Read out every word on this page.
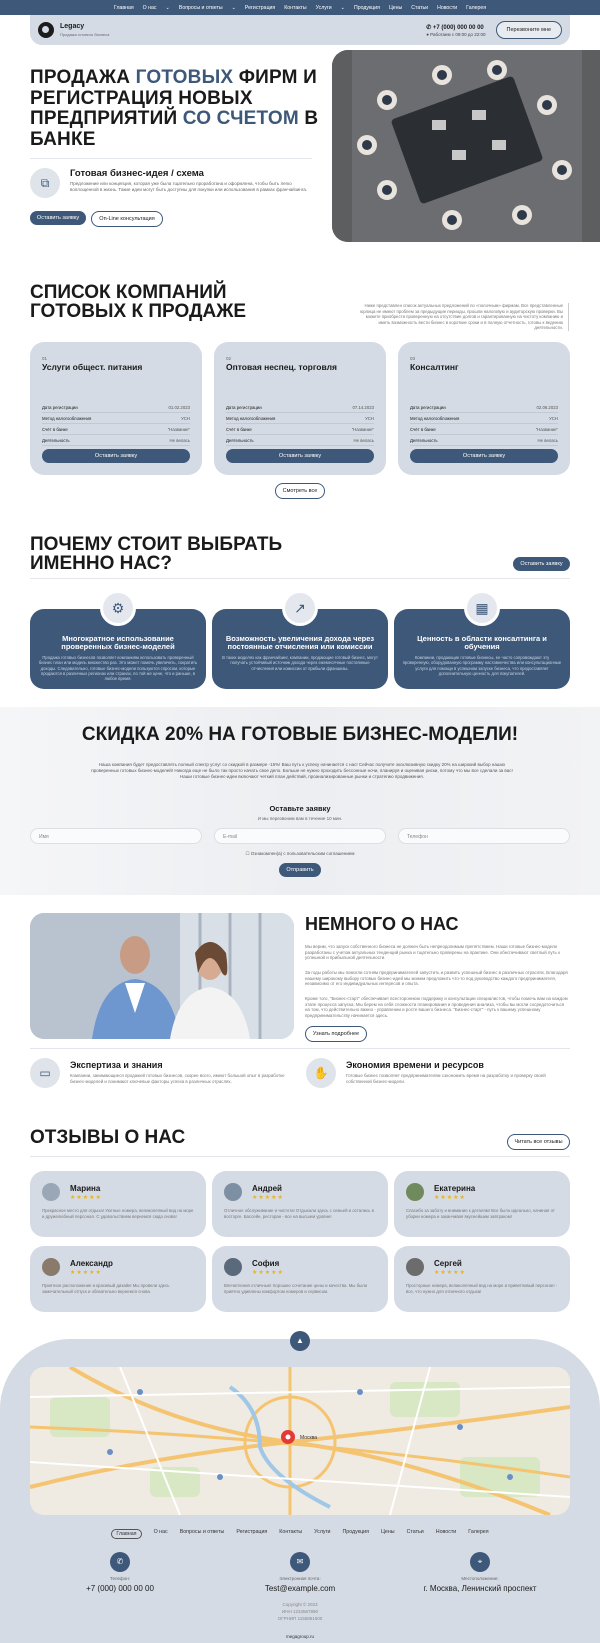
Главная О нас ⌄ Вопросы и ответы ⌄ Регистрация Контакты Услуги ⌄ Продукция Цены Статьи Новости Галерея
Legacy
Продажа готового бизнеса
✆ +7 (000) 000 00 00
● Работаем с 09:00 до 22:00
Перезвоните мне
ПРОДАЖА ГОТОВЫХ ФИРМ И РЕГИСТРАЦИЯ НОВЫХ ПРЕДПРИЯТИЙ СО СЧЕТОМ В БАНКЕ
⧉
Готовая бизнес-идея / схема
Предложение или концепция, которая уже была тщательно проработана и оформлена, чтобы быть легко воплощенной в жизнь. Такие идеи могут быть доступны для покупки или использования в рамках франчайзинга.
Оставить заявку	On-Line консультация
СПИСОК КОМПАНИЙ ГОТОВЫХ К ПРОДАЖЕ	Ниже представлен список актуальных предложений по «полочным» фирмам. Все представленные юрлица не имеют проблем за предыдущие периоды, прошли налоговую и аудиторскую проверки. Вы можете приобрести проверенную на отсутствие долгов и гарантированную на чистоту компанию и иметь возможность вести бизнес в короткие сроки и в полную отчетность, готовы к ведению деятельности.
01
Услуги общест. питания
Дата регистрации	01.02.2023
Метод налогообложения	УСН
Счёт в банке	"Название"
Деятельность	Не велась
Оставить заявку
02
Оптовая неспец. торговля
Дата регистрации	07.14.2023
Метод налогообложения	УСН
Счёт в банке	"Название"
Деятельность	Не велась
Оставить заявку
03
Консалтинг
Дата регистрации	02.06.2023
Метод налогообложения	УСН
Счёт в банке	"Название"
Деятельность	Не велась
Оставить заявку
Смотреть все
ПОЧЕМУ СТОИТ ВЫБРАТЬ ИМЕННО НАС?	Оставить заявку
Многократное использование проверенных бизнес-моделей
Продажа готовых бизнесов позволяет компаниям использовать проверенный бизнес план или модель множество раз. Это может помочь увеличить, сократить доходы. Следовательно, готовые бизнес-модели пользуются спросом, которые продаются в различных регионах или странах, по той же цене, что и раньше, в любое время.
Возможность увеличения дохода через постоянные отчисления или комиссии
В таких моделях как франчайзинг, компании, продающие готовый бизнес, могут получать устойчивый источник дохода через ежемесячные постоянные отчисления или комиссии от прибыли франшизы.
Ценность в области консалтинга и обучения
Компании, продающие готовые бизнесы, ее часто сопровождают эту проверенную, оборудованную программу наставничества или консультационные услуги для помощи в успешном запуске бизнеса, что предоставляет дополнительную ценность для покупателей.
⚙	↗	▦
СКИДКА 20% НА ГОТОВЫЕ БИЗНЕС-МОДЕЛИ!
Наша компания будет предоставлять полный спектр услуг со скидкой в размере -15%! Ваш путь к успеху начинается с нас! Сейчас получите эксклюзивную скидку 20% на широкий выбор наших проверенных готовых бизнес-моделей! Никогда еще не было так просто начать свое дело. Больше не нужно проходить бессонные ночи, планируя и оценивая риски, потому что мы все сделали за вас! Наши готовые бизнес-идеи включают четкий план действий, проанализированные рынки и стратегию продвижения.
Оставьте заявку
И мы перезвоним вам в течение 10 мин.
Имя	E-mail	Телефон
☐ Ознакомлен(а) с пользовательским соглашением
Отправить
НЕМНОГО О НАС
Мы верим, что запуск собственного бизнеса не должен быть непреодолимым препятствием. Наши готовые бизнес-модели разработаны с учетом актуальных тенденций рынка и тщательно проверены на практике. Они обеспечивают светлый путь к успешной и прибыльной деятельности.
За годы работы мы помогли сотням предпринимателей запустить и развить успешный бизнес в различных отраслях. Благодаря нашему широкому выбору готовых бизнес-идей мы можем предложить что-то под руководство каждого предпринимателя, независимо от его индивидуальных интересов и опыта.
Кроме того, "Бизнес-старт" обеспечивает всестороннюю поддержку и консультации специалистов, чтобы помочь вам на каждом этапе процесса запуска. Мы берем на себя сложности планирования и проведения анализа, чтобы вы могли сосредоточиться на том, что действительно важно - управлении и росте вашего бизнеса. "Бизнес-старт" - путь к вашему успешному предпринимательству начинается здесь.
Узнать подробнее
▭
Экспертиза и знания
Компании, занимающиеся продажей готовых бизнесов, скорее всего, имеют большой опыт в разработке бизнес-моделей и понимают ключевые факторы успеха в различных отраслях.
✋
Экономия времени и ресурсов
Готовые бизнес позволяет предпринимателям сэкономить время на разработку и проверку своей собственной бизнес-модели.
ОТЗЫВЫ О НАС	Читать все отзывы
Марина
★★★★★
Прекрасное место для отдыха! Уютные номера, великолепный вид на море и дружелюбный персонал. С удовольствием вернемся сюда снова!
Андрей
★★★★★
Отличное обслуживание и чистота! Отдыхали здесь с семьей и остались в восторге. Бассейн, ресторан - все на высшем уровне!
Екатерина
★★★★★
Спасибо за заботу и внимание к деталям! Все было идеально, начиная от уборки номера и заканчивая вкуснейшим завтраком!
Александр
★★★★★
Приятное расположение и красивый дизайн! Мы провели здесь замечательный отпуск и обязательно вернемся снова.
София
★★★★★
Впечатления отличные! Хорошее сочетание цены и качества. Мы были приятно удивлены комфортом номеров и сервисом.
Сергей
★★★★★
Просторные номера, великолепный вид на море и приветливый персонал - все, что нужно для отличного отдыха!
▲
Москва
Главная	О нас Вопросы и ответы Регистрация Контакты Услуги Продукция Цены Статьи Новости Галерея
✆
Телефон:
+7 (000) 000 00 00
✉
Электронная почта:
Test@example.com
⌖
Местоположение:
г. Москва, Ленинский проспект
Copyright © 2023
ИНН 1234567890
ОГРНИП 1155861500
megagroup.ru
